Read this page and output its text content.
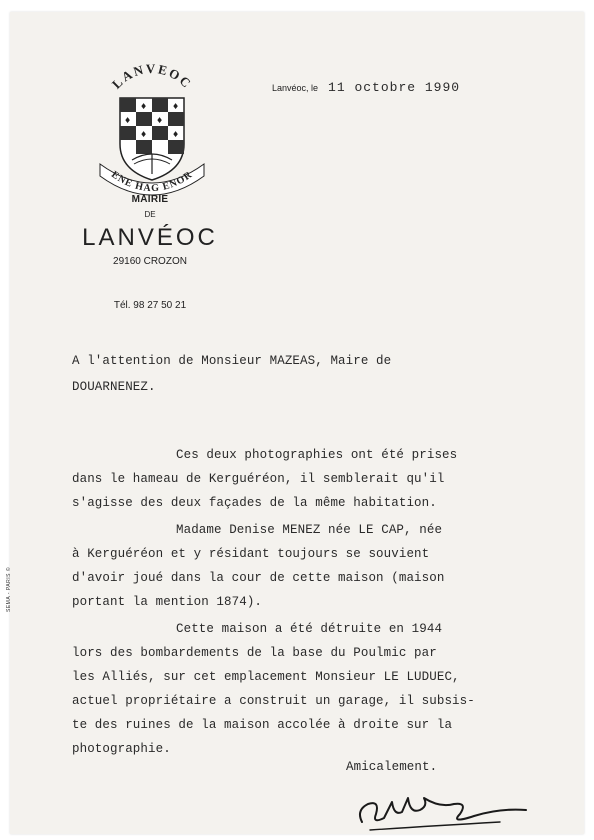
LANVEOC
♦	♦
♦	♦
♦	♦
ENE HAG ENOR
MAIRIE
DE
LANVÉOC
29160 CROZON
Tél. 98 27 50 21
Lanvéoc, le 11 octobre 1990
A l'attention de Monsieur MAZEAS, Maire de
DOUARNENEZ.
Ces deux photographies ont été prises
dans le hameau de Kerguéréon, il semblerait qu'il
s'agisse des deux façades de la même habitation.
Madame Denise MENEZ née LE CAP, née
à Kerguéréon et y résidant toujours se souvient
d'avoir joué dans la cour de cette maison (maison
portant la mention 1874).
Cette maison a été détruite en 1944
lors des bombardements de la base du Poulmic par
les Alliés, sur cet emplacement Monsieur LE LUDUEC,
actuel propriétaire a construit un garage, il subsis-
te des ruines de la maison accolée à droite sur la
photographie.
Amicalement.
SEMA - PARIS ©
